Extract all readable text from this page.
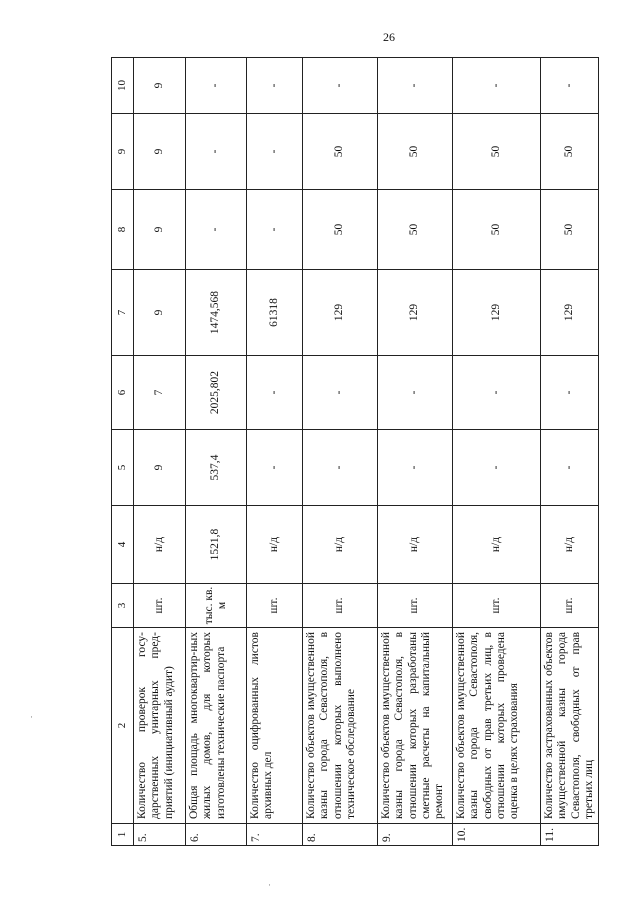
26
1	2	3	4	5	6	7	8	9	10
5.	Количество проверок госу-дарственных унитарных пред-приятий (инициативный аудит)	шт.	н/д	9	7	9	9	9	9
6.	Общая площадь многоквартир-ных жилых домов, для которых изготовлены технические паспорта	тыс. кв. м	1521,8	537,4	2025,802	1474,568	-	-	-
7.	Количество оцифрованных листов архивных дел	шт.	н/д	-	-	61318	-	-	-
8.	Количество объектов имущественной казны города Севастополя, в отношении которых выполнено техническое обследование	шт.	н/д	-	-	129	50	50	-
9.	Количество объектов имущественной казны города Севастополя, в отношении которых разработаны сметные расчеты на капитальный ремонт	шт.	н/д	-	-	129	50	50	-
10.	Количество объектов имущественной казны города Севастополя, свободных от прав третьих лиц, в отношении которых проведена оценка в целях страхования	шт.	н/д	-	-	129	50	50	-
11.	Количество застрахованных объектов имущественной казны города Севастополя, свободных от прав третьих лиц	шт.	н/д	-	-	129	50	50	-
·
·
